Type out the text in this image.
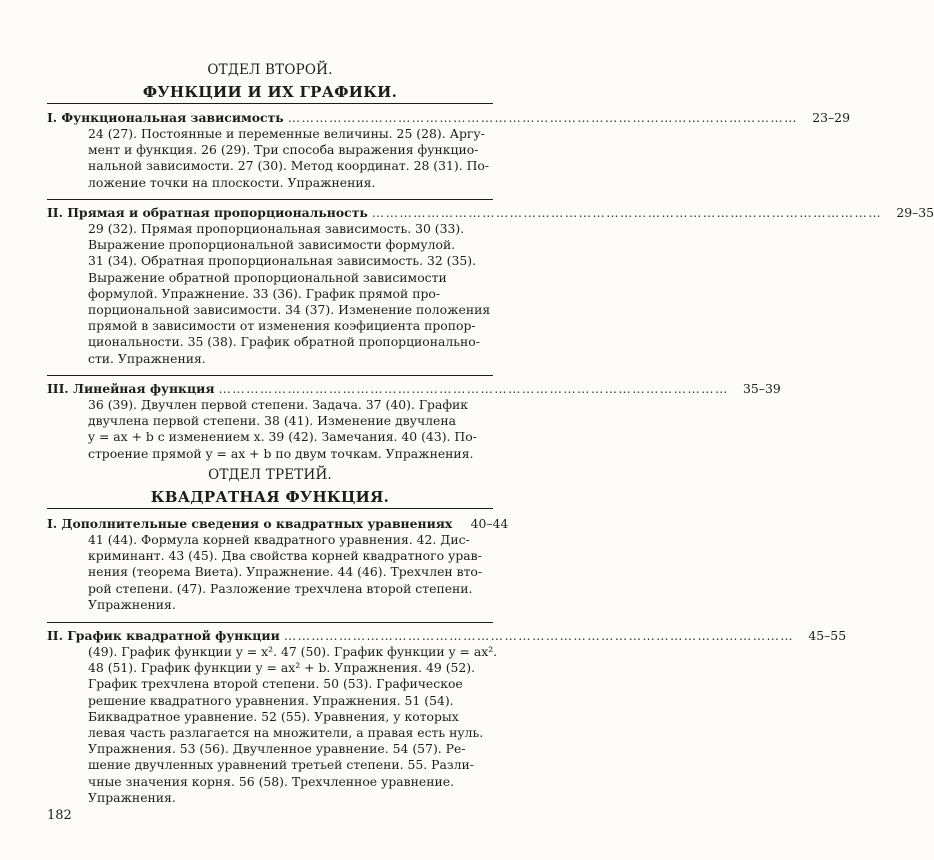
ОТДЕЛ ВТОРОЙ.
ФУНКЦИИ И ИХ ГРАФИКИ.
I. Функциональная зависимость …………………………………………………………………………………………………	23–29
24 (27). Постоянные и переменные величины. 25 (28). Аргу-
мент и функция. 26 (29). Три способа выражения функцио-
нальной зависимости. 27 (30). Метод координат. 28 (31). По-
ложение точки на плоскости. Упражнения.
II. Прямая и обратная пропорциональность …………………………………………………………………………………………………	29–35
29 (32). Прямая пропорциональная зависимость. 30 (33).
Выражение пропорциональной зависимости формулой.
31 (34). Обратная пропорциональная зависимость. 32 (35).
Выражение обратной пропорциональной зависимости
формулой. Упражнение. 33 (36). График прямой про-
порциональной зависимости. 34 (37). Изменение положения
прямой в зависимости от изменения коэфициента пропор-
циональности. 35 (38). График обратной пропорционально-
сти. Упражнения.
III. Линейная функция …………………………………………………………………………………………………	35–39
36 (39). Двучлен первой степени. Задача. 37 (40). График
двучлена первой степени. 38 (41). Изменение двучлена
y = ax + b с изменением x. 39 (42). Замечания. 40 (43). По-
строение прямой y = ax + b по двум точкам. Упражнения.
ОТДЕЛ ТРЕТИЙ.
КВАДРАТНАЯ ФУНКЦИЯ.
I. Дополнительные сведения о квадратных уравнениях	40–44
41 (44). Формула корней квадратного уравнения. 42. Дис-
криминант. 43 (45). Два свойства корней квадратного урав-
нения (теорема Виета). Упражнение. 44 (46). Трехчлен вто-
рой степени. (47). Разложение трехчлена второй степени.
Упражнения.
II. График квадратной функции …………………………………………………………………………………………………	45–55
(49). График функции y = x². 47 (50). График функции y = ax².
48 (51). График функции y = ax² + b. Упражнения. 49 (52).
График трехчлена второй степени. 50 (53). Графическое
решение квадратного уравнения. Упражнения. 51 (54).
Биквадратное уравнение. 52 (55). Уравнения, у которых
левая часть разлагается на множители, а правая есть нуль.
Упражнения. 53 (56). Двучленное уравнение. 54 (57). Ре-
шение двучленных уравнений третьей степени. 55. Разли-
чные значения корня. 56 (58). Трехчленное уравнение.
Упражнения.
182
